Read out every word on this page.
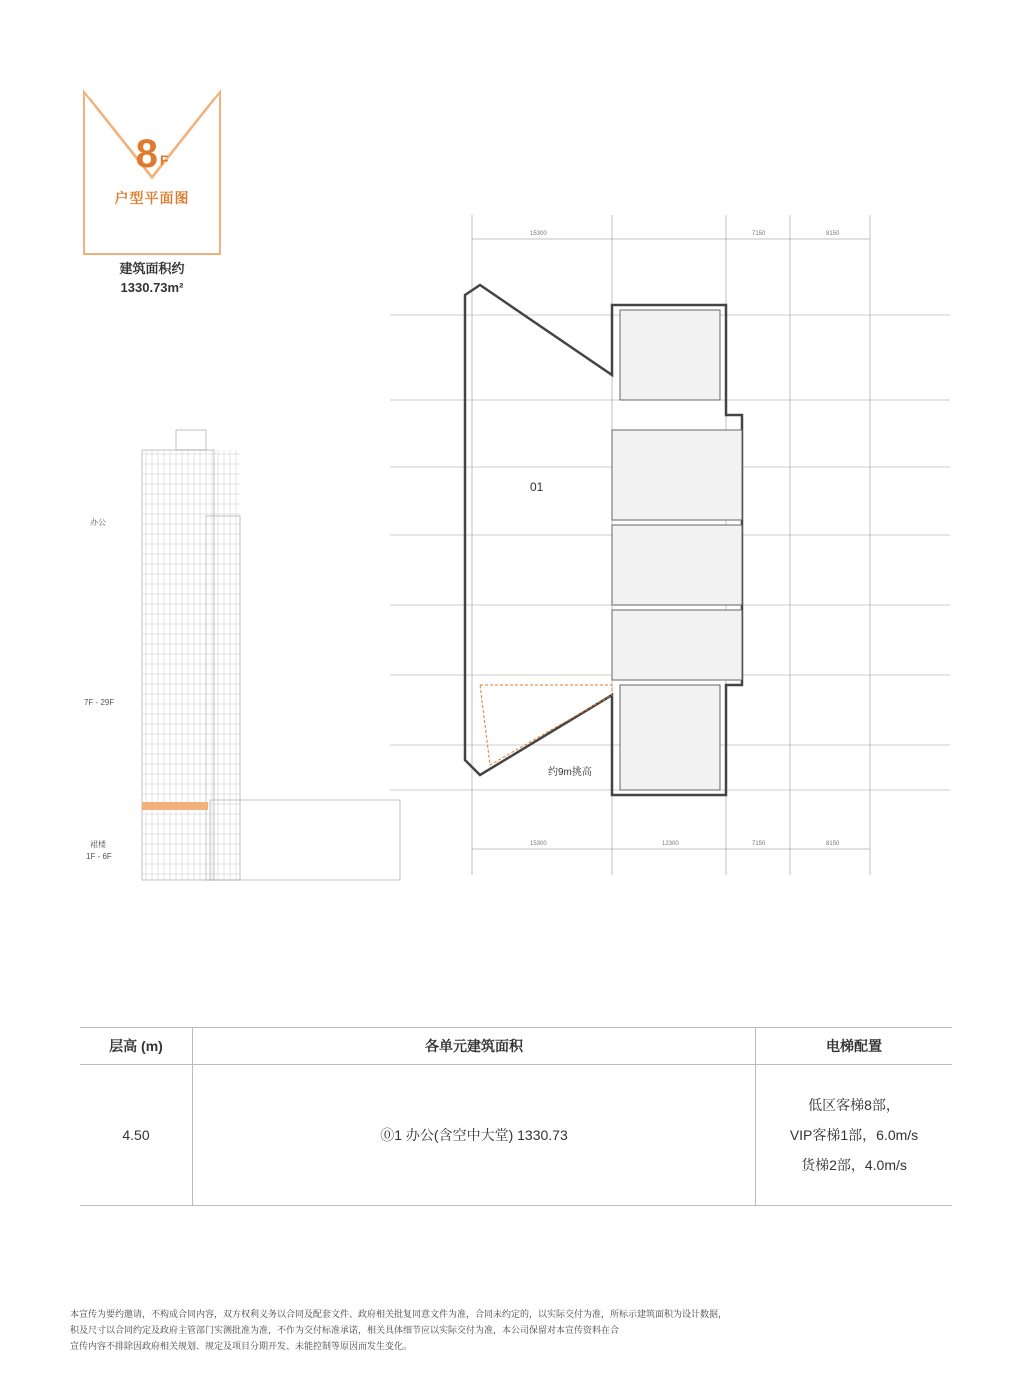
8 F
户型平面图
建筑面积约
1330.73m²
办公
7F - 29F
裙楼
1F - 6F
01
约9m挑高
15300	7150	8150
15300	12300	7150	8150
层高 (m)	各单元建筑面积	电梯配置
4.50	⓪1 办公(含空中大堂) 1330.73	低区客梯8部，
VIP客梯1部，6.0m/s
货梯2部，4.0m/s
本宣传为要约邀请，不构成合同内容，双方权利义务以合同及配套文件、政府相关批复同意文件为准，合同未约定的，以实际交付为准，所标示建筑面积为设计数据，
积及尺寸以合同约定及政府主管部门实测批准为准，不作为交付标准承诺，相关具体细节应以实际交付为准，本公司保留对本宣传资料在合
宣传内容不排除因政府相关规划、规定及项目分期开发、未能控制等原因而发生变化。
